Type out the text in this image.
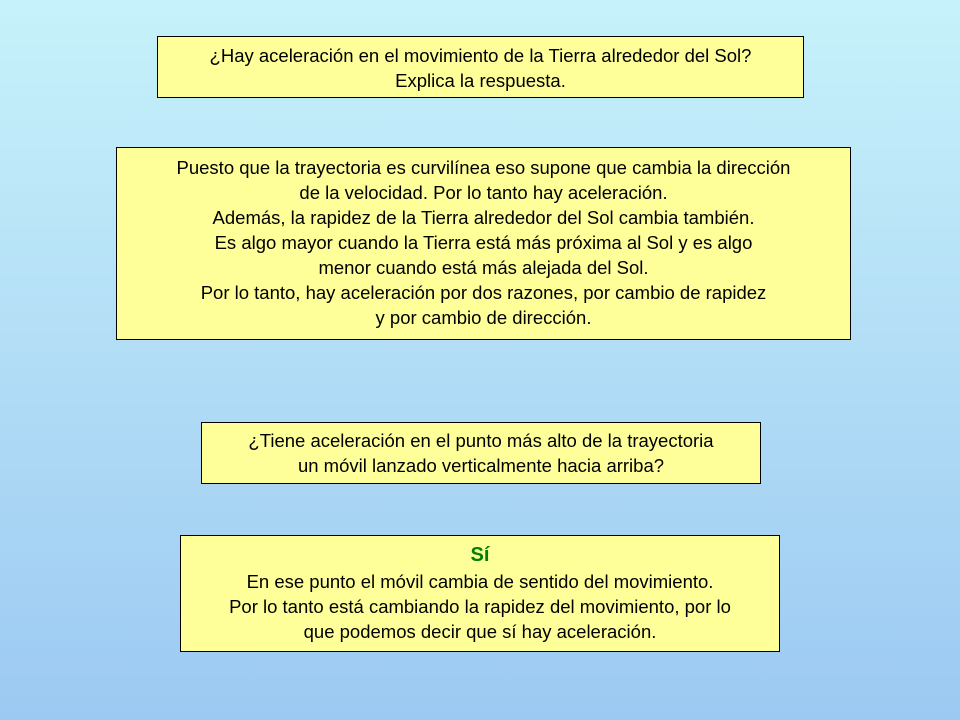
¿Hay aceleración en el movimiento de la Tierra alrededor del Sol?

Explica la respuesta.

Puesto que la trayectoria es curvilínea eso supone que cambia la dirección

de la velocidad. Por lo tanto hay aceleración.

Además, la rapidez de la Tierra alrededor del Sol cambia también.

Es algo mayor cuando la Tierra está más próxima al Sol y es algo

menor cuando está más alejada del Sol.

Por lo tanto, hay aceleración por dos razones, por cambio de rapidez

y por cambio de dirección.

¿Tiene aceleración en el punto más alto de la trayectoria

un móvil lanzado verticalmente hacia arriba?

Sí

En ese punto el móvil cambia de sentido del movimiento.

Por lo tanto está cambiando la rapidez del movimiento, por lo

que podemos decir que sí hay aceleración.
